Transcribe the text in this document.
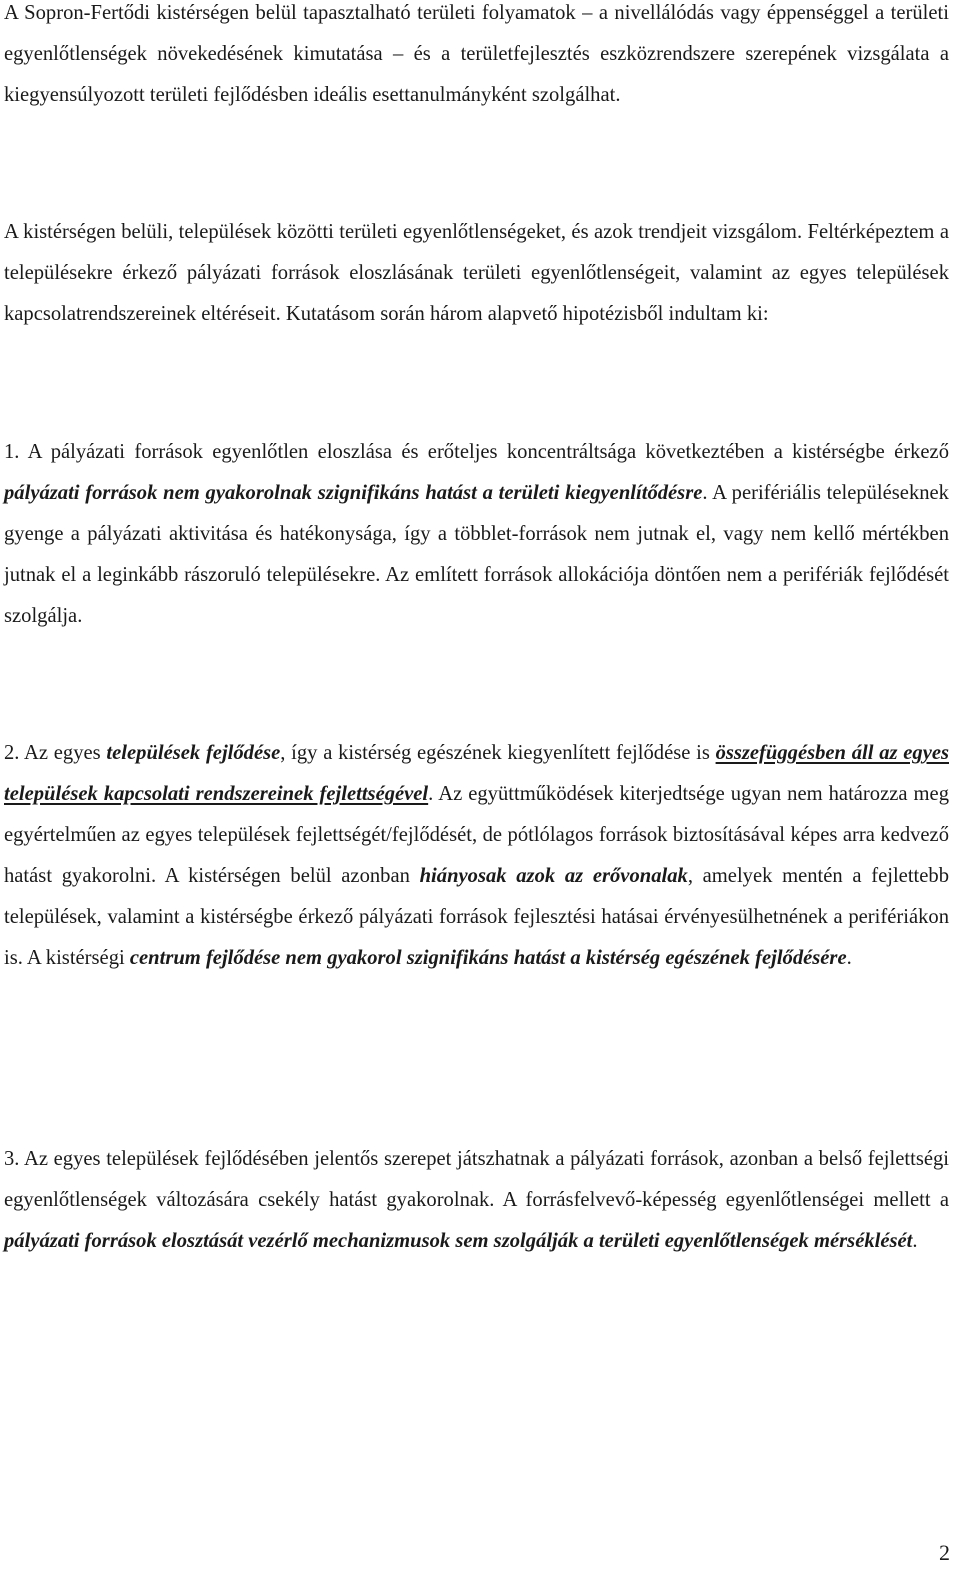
A Sopron-Fertődi kistérségen belül tapasztalható területi folyamatok – a nivellálódás vagy éppenséggel a területi egyenlőtlenségek növekedésének kimutatása – és a területfejlesztés eszközrendszere szerepének vizsgálata a kiegyensúlyozott területi fejlődésben ideális esettanulmányként szolgálhat.

A kistérségen belüli, települések közötti területi egyenlőtlenségeket, és azok trendjeit vizsgálom. Feltérképeztem a településekre érkező pályázati források eloszlásának területi egyenlőtlenségeit, valamint az egyes települések kapcsolatrendszereinek eltéréseit. Kutatásom során három alapvető hipotézisből indultam ki:

1. A pályázati források egyenlőtlen eloszlása és erőteljes koncentráltsága következtében a kistérségbe érkező pályázati források nem gyakorolnak szignifikáns hatást a területi kiegyenlítődésre. A perifériális településeknek gyenge a pályázati aktivitása és hatékonysága, így a többlet-források nem jutnak el, vagy nem kellő mértékben jutnak el a leginkább rászoruló településekre. Az említett források allokációja döntően nem a perifériák fejlődését szolgálja.

2. Az egyes települések fejlődése, így a kistérség egészének kiegyenlített fejlődése is összefüggésben áll az egyes települések kapcsolati rendszereinek fejlettségével. Az együttműködések kiterjedtsége ugyan nem határozza meg egyértelműen az egyes települések fejlettségét/fejlődését, de pótlólagos források biztosításával képes arra kedvező hatást gyakorolni. A kistérségen belül azonban hiányosak azok az erővonalak, amelyek mentén a fejlettebb települések, valamint a kistérségbe érkező pályázati források fejlesztési hatásai érvényesülhetnének a perifériákon is. A kistérségi centrum fejlődése nem gyakorol szignifikáns hatást a kistérség egészének fejlődésére.

3. Az egyes települések fejlődésében jelentős szerepet játszhatnak a pályázati források, azonban a belső fejlettségi egyenlőtlenségek változására csekély hatást gyakorolnak. A forrásfelvevő-képesség egyenlőtlenségei mellett a pályázati források elosztását vezérlő mechanizmusok sem szolgálják a területi egyenlőtlenségek mérséklését.

2
